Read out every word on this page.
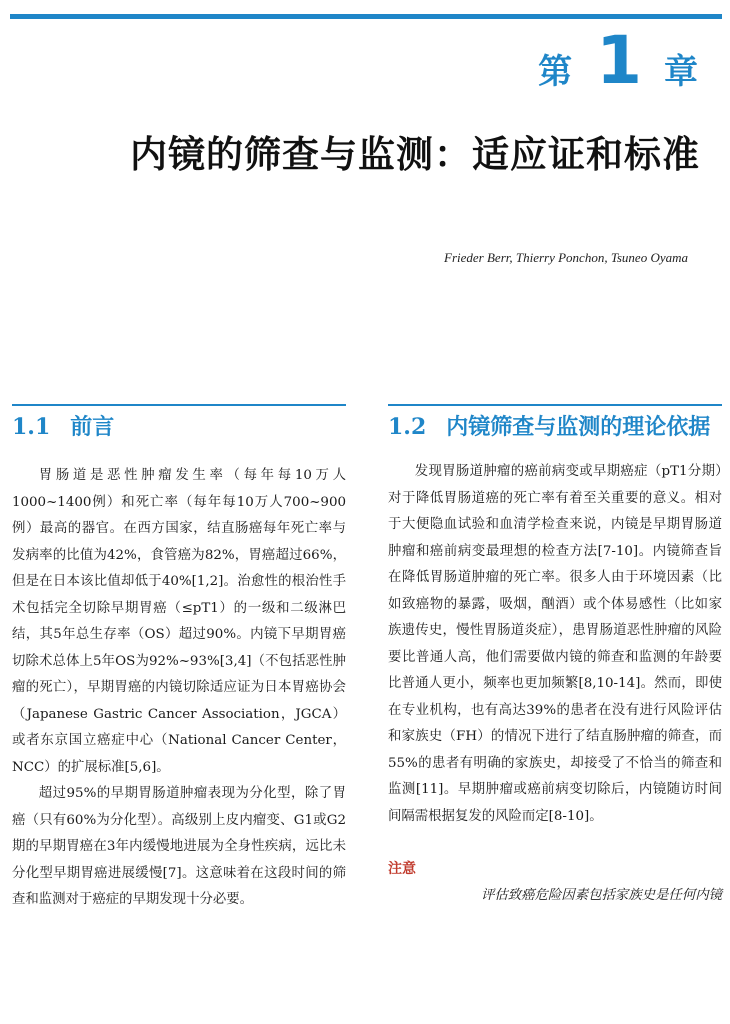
第 1 章
内镜的筛查与监测：适应证和标准
Frieder Berr, Thierry Ponchon, Tsuneo Oyama
1.1 前言

胃肠道是恶性肿瘤发生率（每年每10万人1000~1400例）和死亡率（每年每10万人700~900例）最高的器官。在西方国家，结直肠癌每年死亡率与发病率的比值为42%，食管癌为82%，胃癌超过66%，但是在日本该比值却低于40%[1,2]。治愈性的根治性手术包括完全切除早期胃癌（≤pT1）的一级和二级淋巴结，其5年总生存率（OS）超过90%。内镜下早期胃癌切除术总体上5年OS为92%~93%[3,4]（不包括恶性肿瘤的死亡），早期胃癌的内镜切除适应证为日本胃癌协会（Japanese Gastric Cancer Association，JGCA）或者东京国立癌症中心（National Cancer Center，NCC）的扩展标准[5,6]。

超过95%的早期胃肠道肿瘤表现为分化型，除了胃癌（只有60%为分化型）。高级别上皮内瘤变、G1或G2期的早期胃癌在3年内缓慢地进展为全身性疾病，远比未分化型早期胃癌进展缓慢[7]。这意味着在这段时间的筛查和监测对于癌症的早期发现十分必要。

1.2 内镜筛查与监测的理论依据

发现胃肠道肿瘤的癌前病变或早期癌症（pT1分期）对于降低胃肠道癌的死亡率有着至关重要的意义。相对于大便隐血试验和血清学检查来说，内镜是早期胃肠道肿瘤和癌前病变最理想的检查方法[7-10]。内镜筛查旨在降低胃肠道肿瘤的死亡率。很多人由于环境因素（比如致癌物的暴露，吸烟，酗酒）或个体易感性（比如家族遗传史，慢性胃肠道炎症），患胃肠道恶性肿瘤的风险要比普通人高，他们需要做内镜的筛查和监测的年龄要比普通人更小，频率也更加频繁[8,10-14]。然而，即使在专业机构，也有高达39%的患者在没有进行风险评估和家族史（FH）的情况下进行了结直肠肿瘤的筛查，而55%的患者有明确的家族史，却接受了不恰当的筛查和监测[11]。早期肿瘤或癌前病变切除后，内镜随访时间间隔需根据复发的风险而定[8-10]。

注意
评估致癌危险因素包括家族史是任何内镜
